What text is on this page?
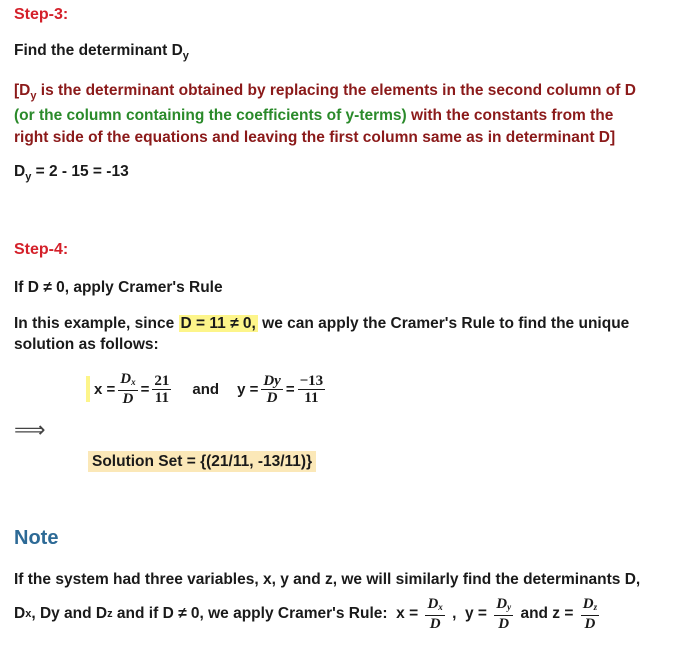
Step-3:
Find the determinant $D_y$
[$D_y$ is the determinant obtained by replacing the elements in the second column of D
(or the column containing the coefficients of y-terms) with the constants from the
right side of the equations and leaving the first column same as in determinant D]
$D_y = 2 - 15 = -13$
Step-4:
If D ≠ 0, apply Cramer's Rule
In this example, since D = 11 ≠ 0, we can apply the Cramer's Rule to find the unique
solution as follows:
$x = \frac{D_x}{D} = \frac{21}{11}$ and $y = \frac{Dy}{D} = \frac{-13}{11}$
⟹
Solution Set = {(21/11, -13/11)}
Note
If the system had three variables, x, y and z, we will similarly find the determinants D,
D x , Dy and D z and if D ≠ 0, we apply Cramer's Rule:  $x = \frac{D_x}{D}$ ,  $y = \frac{D_y}{D}$ and $z = \frac{D_z}{D}$
